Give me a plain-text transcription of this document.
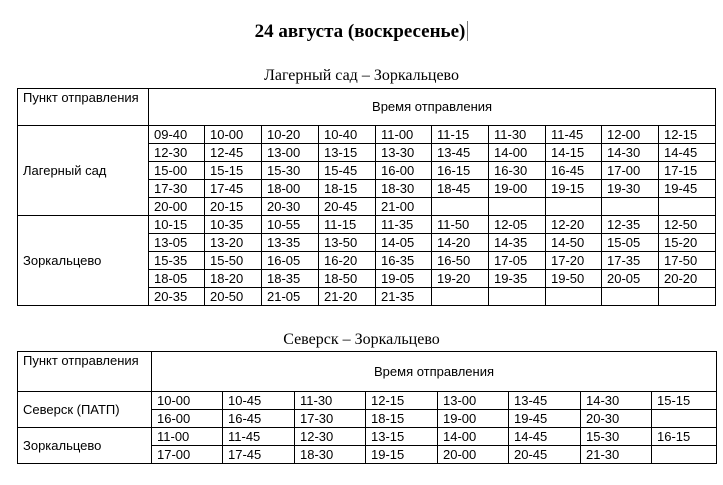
24 августа (воскресенье)
Лагерный сад – Зоркальцево
Пункт отправления	Время отправления									
Лагерный сад	09-40	10-00	10-20	10-40	11-00	11-15	11-30	11-45	12-00	12-15
	12-30	12-45	13-00	13-15	13-30	13-45	14-00	14-15	14-30	14-45
	15-00	15-15	15-30	15-45	16-00	16-15	16-30	16-45	17-00	17-15
	17-30	17-45	18-00	18-15	18-30	18-45	19-00	19-15	19-30	19-45
	20-00	20-15	20-30	20-45	21-00					
Зоркальцево	10-15	10-35	10-55	11-15	11-35	11-50	12-05	12-20	12-35	12-50
	13-05	13-20	13-35	13-50	14-05	14-20	14-35	14-50	15-05	15-20
	15-35	15-50	16-05	16-20	16-35	16-50	17-05	17-20	17-35	17-50
	18-05	18-20	18-35	18-50	19-05	19-20	19-35	19-50	20-05	20-20
	20-35	20-50	21-05	21-20	21-35					
Северск – Зоркальцево
Пункт отправления	Время отправления							
Северск (ПАТП)	10-00	10-45	11-30	12-15	13-00	13-45	14-30	15-15
	16-00	16-45	17-30	18-15	19-00	19-45	20-30	
Зоркальцево	11-00	11-45	12-30	13-15	14-00	14-45	15-30	16-15
	17-00	17-45	18-30	19-15	20-00	20-45	21-30	
